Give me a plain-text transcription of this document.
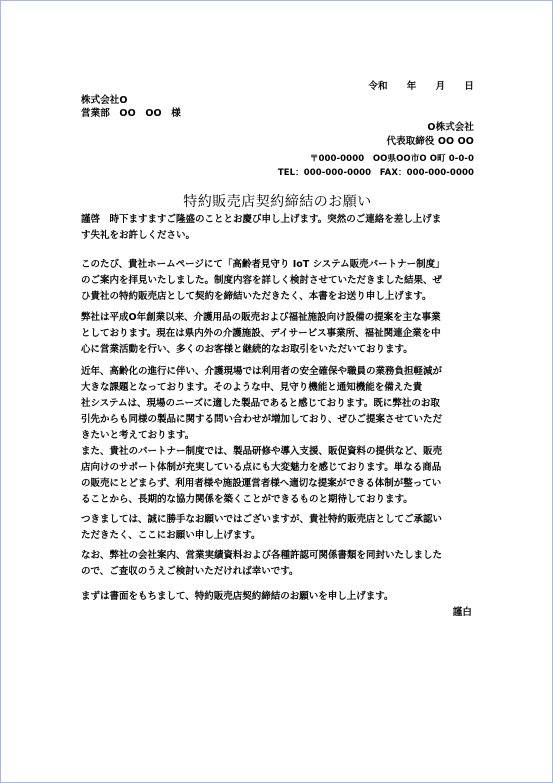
令和　　年　　月　　日
株式会社O
営業部　OO　OO　様
O株式会社
代表取締役 OO OO
〒000-0000　OO県OO市O O町 0-0-0
TEL：000-000-0000　FAX：000-000-0000
特約販売店契約締結のお願い
謹啓　時下ますますご隆盛のこととお慶び申し上げます。突然のご連絡を差し上げま
す失礼をお許しください。
このたび、貴社ホームページにて「高齢者見守り IoT システム販売パートナー制度」
のご案内を拝見いたしました。制度内容を詳しく検討させていただきました結果、ぜ
ひ貴社の特約販売店として契約を締結いただきたく、本書をお送り申し上げます。
弊社は平成O年創業以来、介護用品の販売および福祉施設向け設備の提案を主な事業
としております。現在は県内外の介護施設、デイサービス事業所、福祉関連企業を中
心に営業活動を行い、多くのお客様と継続的なお取引をいただいております。
近年、高齢化の進行に伴い、介護現場では利用者の安全確保や職員の業務負担軽減が
大きな課題となっております。そのような中、見守り機能と通知機能を備えた貴
社システムは、現場のニーズに適した製品であると感じております。既に弊社のお取
引先からも同様の製品に関する問い合わせが増加しており、ぜひご提案させていただ
きたいと考えております。
また、貴社のパートナー制度では、製品研修や導入支援、販促資料の提供など、販売
店向けのサポート体制が充実している点にも大変魅力を感じております。単なる商品
の販売にとどまらず、利用者様や施設運営者様へ適切な提案ができる体制が整ってい
ることから、長期的な協力関係を築くことができるものと期待しております。
つきましては、誠に勝手なお願いではございますが、貴社特約販売店としてご承認い
ただきたく、ここにお願い申し上げます。
なお、弊社の会社案内、営業実績資料および各種許認可関係書類を同封いたしました
ので、ご査収のうえご検討いただければ幸いです。
まずは書面をもちまして、特約販売店契約締結のお願いを申し上げます。
謹白
